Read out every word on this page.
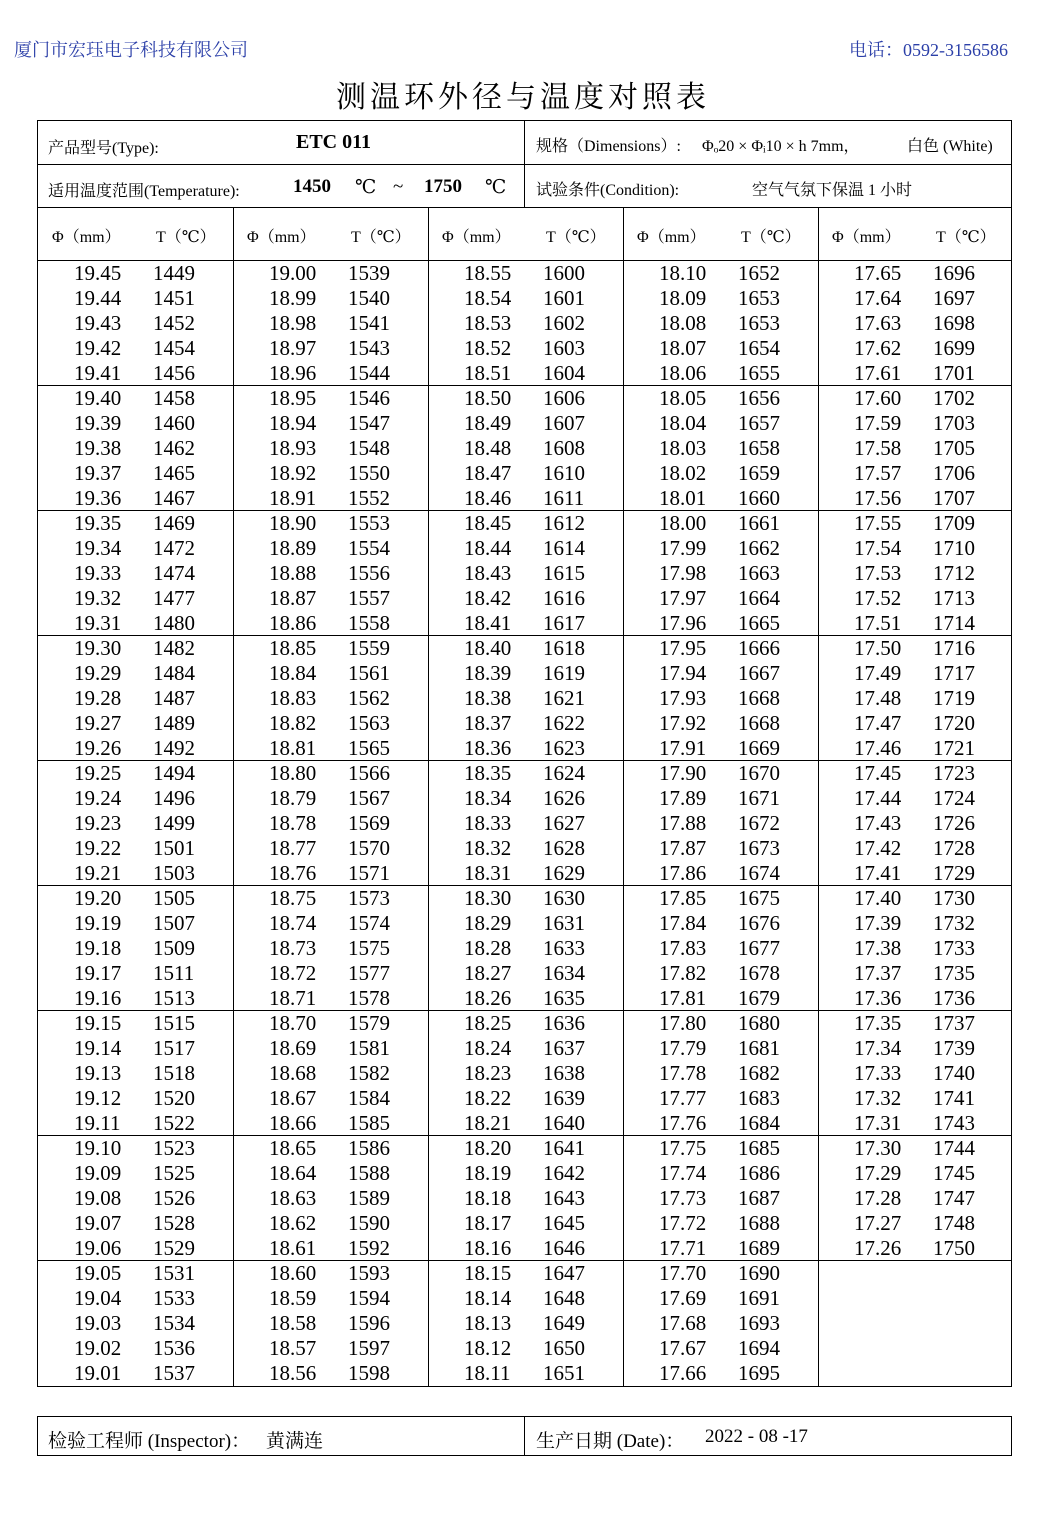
厦门市宏珏电子科技有限公司	电话：0592-3156586
测温环外径与温度对照表
产品型号(Type):	ETC 011	规格（Dimensions）: Φₒ20 × Φᵢ10 × h 7mm，	白色 (White)
适用温度范围(Temperature):	1450 ℃ ~ 1750 ℃ 试验条件(Condition):	空气气氛下保温 1 小时
Φ（mm） T（℃） Φ（mm） T（℃） Φ（mm） T（℃） Φ（mm） T（℃） Φ（mm） T（℃）
19.45 1449	19.00 1539	18.55 1600	18.10 1652	17.65 1696
19.44 1451	18.99 1540	18.54 1601	18.09 1653	17.64 1697
19.43 1452	18.98 1541	18.53 1602	18.08 1653	17.63 1698
19.42 1454	18.97 1543	18.52 1603	18.07 1654	17.62 1699
19.41 1456	18.96 1544	18.51 1604	18.06 1655	17.61 1701
19.40 1458	18.95 1546	18.50 1606	18.05 1656	17.60 1702
19.39 1460	18.94 1547	18.49 1607	18.04 1657	17.59 1703
19.38 1462	18.93 1548	18.48 1608	18.03 1658	17.58 1705
19.37 1465	18.92 1550	18.47 1610	18.02 1659	17.57 1706
19.36 1467	18.91 1552	18.46 1611	18.01 1660	17.56 1707
19.35 1469	18.90 1553	18.45 1612	18.00 1661	17.55 1709
19.34 1472	18.89 1554	18.44 1614	17.99 1662	17.54 1710
19.33 1474	18.88 1556	18.43 1615	17.98 1663	17.53 1712
19.32 1477	18.87 1557	18.42 1616	17.97 1664	17.52 1713
19.31 1480	18.86 1558	18.41 1617	17.96 1665	17.51 1714
19.30 1482	18.85 1559	18.40 1618	17.95 1666	17.50 1716
19.29 1484	18.84 1561	18.39 1619	17.94 1667	17.49 1717
19.28 1487	18.83 1562	18.38 1621	17.93 1668	17.48 1719
19.27 1489	18.82 1563	18.37 1622	17.92 1668	17.47 1720
19.26 1492	18.81 1565	18.36 1623	17.91 1669	17.46 1721
19.25 1494	18.80 1566	18.35 1624	17.90 1670	17.45 1723
19.24 1496	18.79 1567	18.34 1626	17.89 1671	17.44 1724
19.23 1499	18.78 1569	18.33 1627	17.88 1672	17.43 1726
19.22 1501	18.77 1570	18.32 1628	17.87 1673	17.42 1728
19.21 1503	18.76 1571	18.31 1629	17.86 1674	17.41 1729
19.20 1505	18.75 1573	18.30 1630	17.85 1675	17.40 1730
19.19 1507	18.74 1574	18.29 1631	17.84 1676	17.39 1732
19.18 1509	18.73 1575	18.28 1633	17.83 1677	17.38 1733
19.17 1511	18.72 1577	18.27 1634	17.82 1678	17.37 1735
19.16 1513	18.71 1578	18.26 1635	17.81 1679	17.36 1736
19.15 1515	18.70 1579	18.25 1636	17.80 1680	17.35 1737
19.14 1517	18.69 1581	18.24 1637	17.79 1681	17.34 1739
19.13 1518	18.68 1582	18.23 1638	17.78 1682	17.33 1740
19.12 1520	18.67 1584	18.22 1639	17.77 1683	17.32 1741
19.11 1522	18.66 1585	18.21 1640	17.76 1684	17.31 1743
19.10 1523	18.65 1586	18.20 1641	17.75 1685	17.30 1744
19.09 1525	18.64 1588	18.19 1642	17.74 1686	17.29 1745
19.08 1526	18.63 1589	18.18 1643	17.73 1687	17.28 1747
19.07 1528	18.62 1590	18.17 1645	17.72 1688	17.27 1748
19.06 1529	18.61 1592	18.16 1646	17.71 1689	17.26 1750
19.05 1531	18.60 1593	18.15 1647	17.70 1690
19.04 1533	18.59 1594	18.14 1648	17.69 1691
19.03 1534	18.58 1596	18.13 1649	17.68 1693
19.02 1536	18.57 1597	18.12 1650	17.67 1694
19.01 1537	18.56 1598	18.11 1651	17.66 1695
检验工程师 (Inspector)： 黄满连	生产日期 (Date)： 2022 - 08 -17
